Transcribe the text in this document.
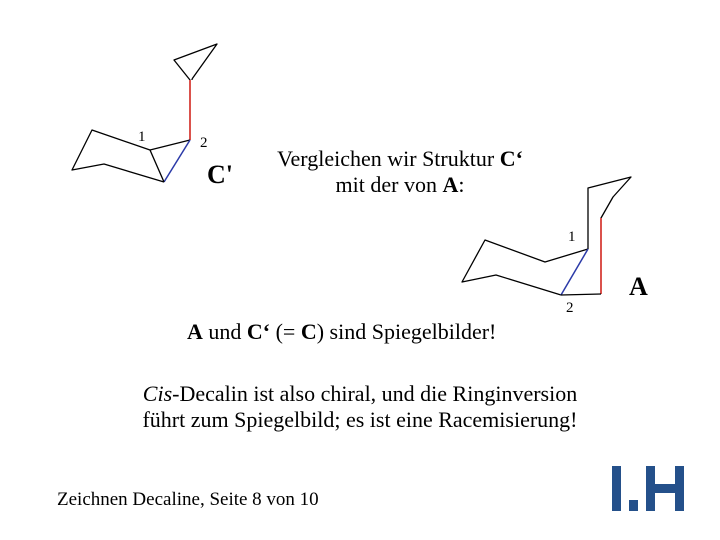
1	2
C'
1
2
A
Vergleichen wir Struktur C‘
mit der von A:
A und C‘ (= C) sind Spiegelbilder!
Cis-Decalin ist also chiral, und die Ringinversion
führt zum Spiegelbild; es ist eine Racemisierung!
Zeichnen Decaline, Seite 8 von 10
